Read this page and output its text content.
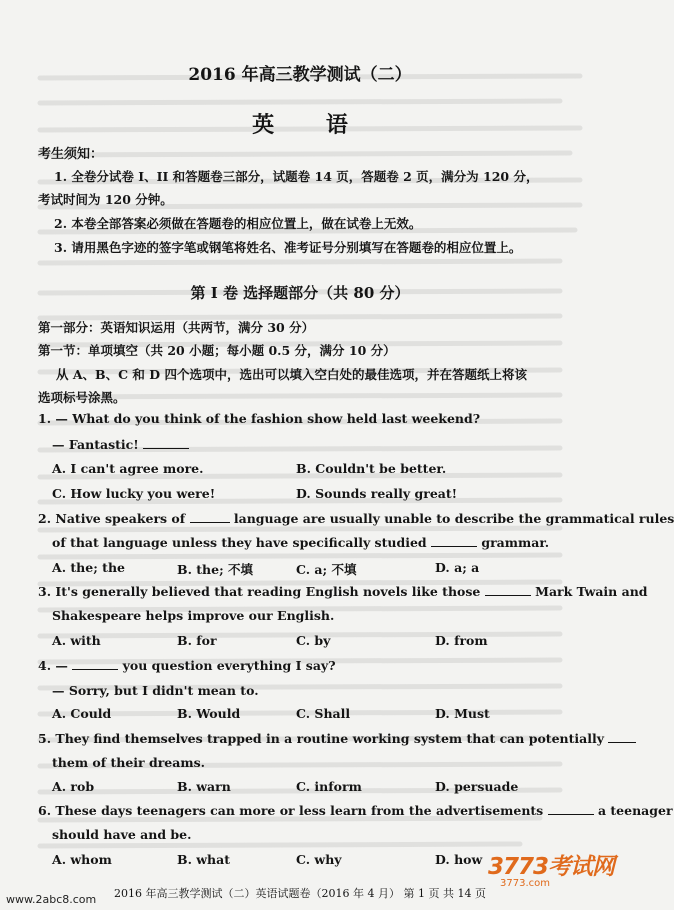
2016 年高三教学测试（二）
英 语
考生须知：
1. 全卷分试卷 I、II 和答题卷三部分，试题卷 14 页，答题卷 2 页，满分为 120 分，
考试时间为 120 分钟。
2. 本卷全部答案必须做在答题卷的相应位置上，做在试卷上无效。
3. 请用黑色字迹的签字笔或钢笔将姓名、准考证号分别填写在答题卷的相应位置上。
第 I 卷 选择题部分（共 80 分）
第一部分：英语知识运用（共两节，满分 30 分）
第一节：单项填空（共 20 小题；每小题 0.5 分，满分 10 分）
从 A、B、C 和 D 四个选项中，选出可以填入空白处的最佳选项，并在答题纸上将该
选项标号涂黑。
1. — What do you think of the fashion show held last weekend?
— Fantastic!
A. I can't agree more.	B. Couldn't be better.
C. How lucky you were!	D. Sounds really great!
2. Native speakers of	language are usually unable to describe the grammatical rules
of that language unless they have specifically studied	grammar.
A. the; the	B. the; 不填	C. a; 不填	D. a; a
3. It's generally believed that reading English novels like those	Mark Twain and
Shakespeare helps improve our English.
A. with	B. for	C. by	D. from
4. —	you question everything I say?
— Sorry, but I didn't mean to.
A. Could	B. Would	C. Shall	D. Must
5. They find themselves trapped in a routine working system that can potentially
them of their dreams.
A. rob	B. warn	C. inform	D. persuade
6. These days teenagers can more or less learn from the advertisements	a teenager
should have and be.
A. whom	B. what	C. why	D. how
2016 年高三教学测试（二）英语试题卷（2016 年 4 月） 第 1 页 共 14 页
www.2abc8.com
3773考试网
3773.com
